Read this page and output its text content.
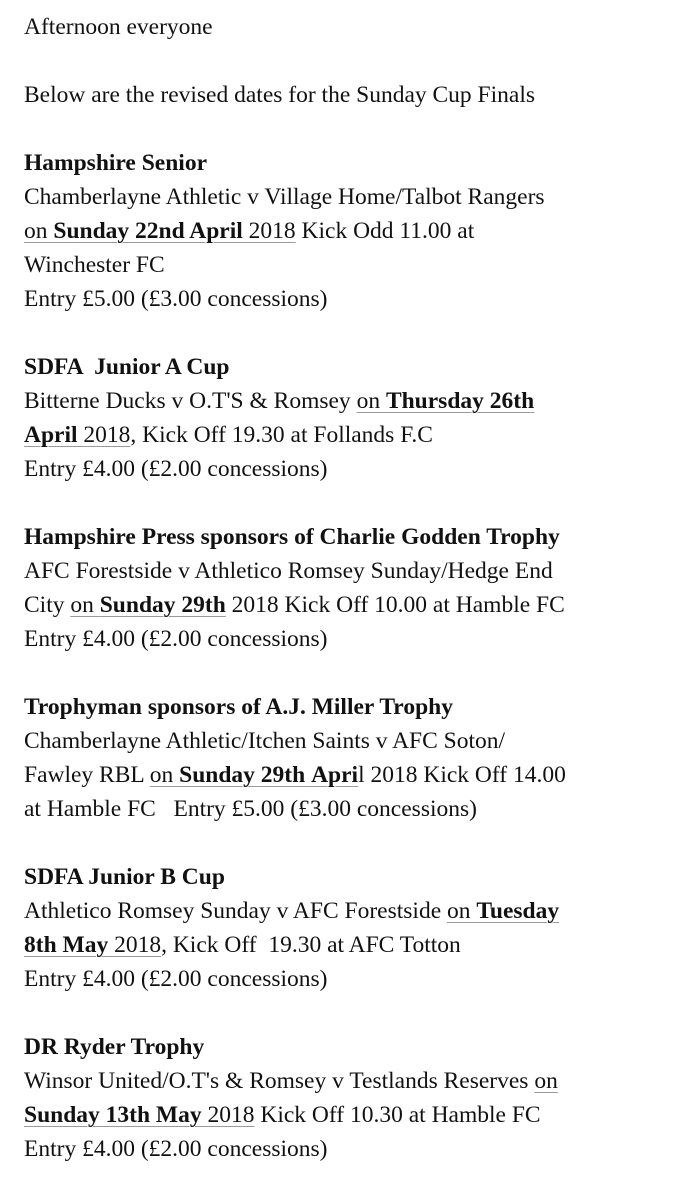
Afternoon everyone
Below are the revised dates for the Sunday Cup Finals
Hampshire Senior
Chamberlayne Athletic v Village Home/Talbot Rangers
on Sunday 22nd April 2018 Kick Odd 11.00 at
Winchester FC
Entry £5.00 (£3.00 concessions)
SDFA  Junior A Cup
Bitterne Ducks v O.T'S & Romsey on Thursday 26th
April 2018, Kick Off 19.30 at Follands F.C
Entry £4.00 (£2.00 concessions)
Hampshire Press sponsors of Charlie Godden Trophy
AFC Forestside v Athletico Romsey Sunday/Hedge End
City on Sunday 29th 2018 Kick Off 10.00 at Hamble FC
Entry £4.00 (£2.00 concessions)
Trophyman sponsors of A.J. Miller Trophy
Chamberlayne Athletic/Itchen Saints v AFC Soton/
Fawley RBL on Sunday 29th April 2018 Kick Off 14.00
at Hamble FC   Entry £5.00 (£3.00 concessions)
SDFA Junior B Cup
Athletico Romsey Sunday v AFC Forestside on Tuesday
8th May 2018, Kick Off  19.30 at AFC Totton
Entry £4.00 (£2.00 concessions)
DR Ryder Trophy
Winsor United/O.T's & Romsey v Testlands Reserves on
Sunday 13th May 2018 Kick Off 10.30 at Hamble FC
Entry £4.00 (£2.00 concessions)
